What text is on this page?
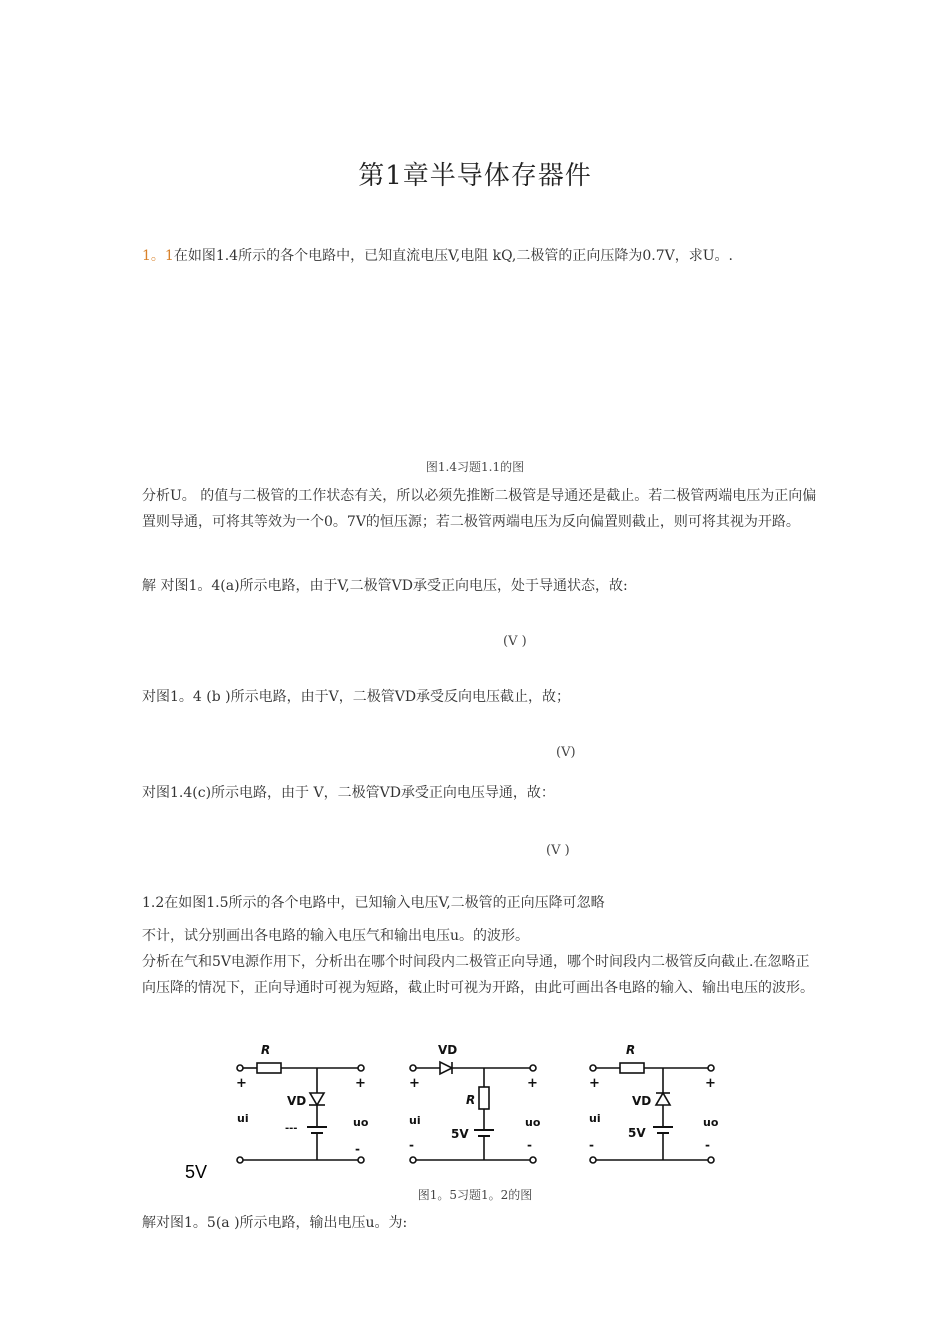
第1章半导体存器件
1。1在如图1.4所示的各个电路中，已知直流电压V,电阻 kQ,二极管的正向压降为0.7V，求U。.
图1.4习题1.1的图
分析U。 的值与二极管的工作状态有关，所以必须先推断二极管是导通还是截止。若二极管两端电压为正向偏置则导通，可将其等效为一个0。7V的恒压源；若二极管两端电压为反向偏置则截止，则可将其视为开路。
解 对图1。4(a)所示电路，由于V,二极管VD承受正向电压，处于导通状态，故:
(V )
对图1。4 (b )所示电路，由于V，二极管VD承受反向电压截止，故；
(V)
对图1.4(c)所示电路，由于 V，二极管VD承受正向电压导通，故：
(V )
1.2在如图1.5所示的各个电路中，已知输入电压V,二极管的正向压降可忽略
不计，试分别画出各电路的输入电压气和输出电压u。的波形。
分析在气和5V电源作用下，分析出在哪个时间段内二极管正向导通，哪个时间段内二极管反向截止.在忽略正向压降的情况下，正向导通时可视为短路，截止时可视为开路，由此可画出各电路的输入、输出电压的波形。
R
+	+
VD
ui	uo
---
-
VD
+	+
R
ui	uo
5V
-	-
R
+	+
VD
ui	uo
5V
-	-
5V
图1。5习题1。2的图
解对图1。5(a )所示电路，输出电压u。为:
